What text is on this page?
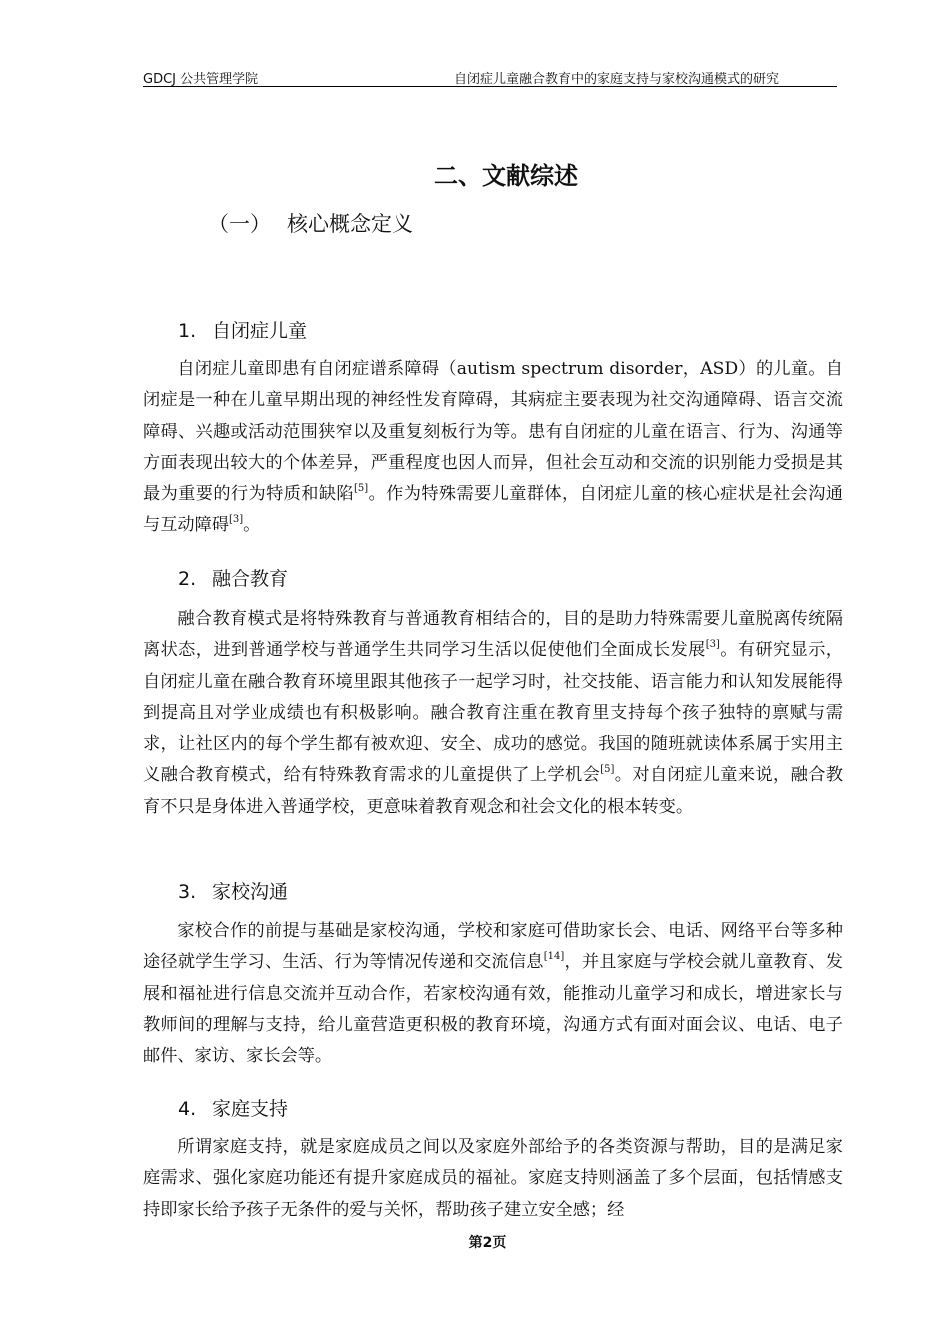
GDCJ 公共管理学院	自闭症儿童融合教育中的家庭支持与家校沟通模式的研究
二、文献综述
（一） 核心概念定义
1. 自闭症儿童

自闭症儿童即患有自闭症谱系障碍（autism spectrum disorder，ASD）的儿童。自闭症是一种在儿童早期出现的神经性发育障碍，其病症主要表现为社交沟通障碍、语言交流障碍、兴趣或活动范围狭窄以及重复刻板行为等。患有自闭症的儿童在语言、行为、沟通等方面表现出较大的个体差异，严重程度也因人而异，但社会互动和交流的识别能力受损是其最为重要的行为特质和缺陷[5]。作为特殊需要儿童群体，自闭症儿童的核心症状是社会沟通与互动障碍[3]。

2. 融合教育

融合教育模式是将特殊教育与普通教育相结合的，目的是助力特殊需要儿童脱离传统隔离状态，进到普通学校与普通学生共同学习生活以促使他们全面成长发展[3]。有研究显示，自闭症儿童在融合教育环境里跟其他孩子一起学习时，社交技能、语言能力和认知发展能得到提高且对学业成绩也有积极影响。融合教育注重在教育里支持每个孩子独特的禀赋与需求，让社区内的每个学生都有被欢迎、安全、成功的感觉。我国的随班就读体系属于实用主义融合教育模式，给有特殊教育需求的儿童提供了上学机会[5]。对自闭症儿童来说，融合教育不只是身体进入普通学校，更意味着教育观念和社会文化的根本转变。

3. 家校沟通

家校合作的前提与基础是家校沟通，学校和家庭可借助家长会、电话、网络平台等多种途径就学生学习、生活、行为等情况传递和交流信息[14]，并且家庭与学校会就儿童教育、发展和福祉进行信息交流并互动合作，若家校沟通有效，能推动儿童学习和成长，增进家长与教师间的理解与支持，给儿童营造更积极的教育环境，沟通方式有面对面会议、电话、电子邮件、家访、家长会等。

4. 家庭支持

所谓家庭支持，就是家庭成员之间以及家庭外部给予的各类资源与帮助，目的是满足家庭需求、强化家庭功能还有提升家庭成员的福祉。家庭支持则涵盖了多个层面，包括情感支持即家长给予孩子无条件的爱与关怀，帮助孩子建立安全感；经

第2页
